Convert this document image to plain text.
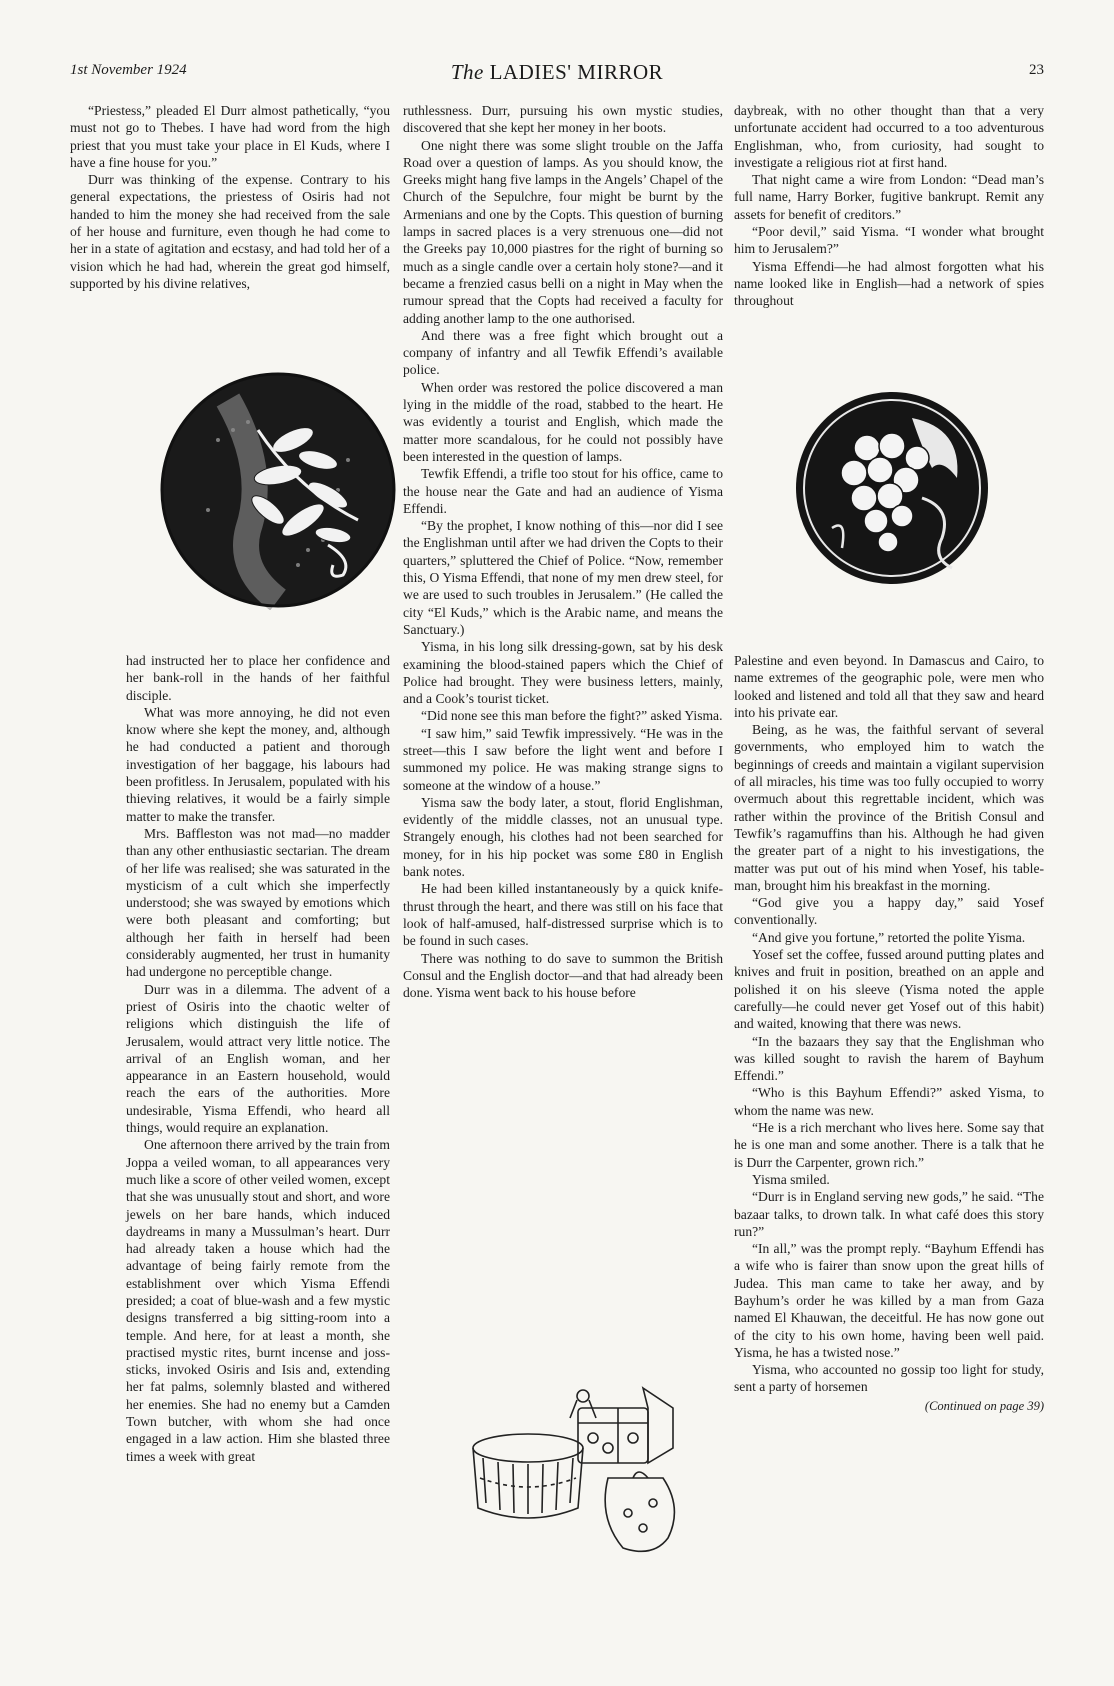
1st November 1924	The LADIES' MIRROR	23

“Priestess,” pleaded El Durr almost pathetically, “you must not go to Thebes. I have had word from the high priest that you must take your place in El Kuds, where I have a fine house for you.”

Durr was thinking of the expense. Contrary to his general expectations, the priestess of Osiris had not handed to him the money she had received from the sale of her house and furniture, even though he had come to her in a state of agitation and ecstasy, and had told her of a vision which he had had, wherein the great god himself, supported by his divine relatives,

had instructed her to place her confidence and her bank-roll in the hands of her faithful disciple.

What was more annoying, he did not even know where she kept the money, and, although he had conducted a patient and thorough investigation of her baggage, his labours had been profitless. In Jerusalem, populated with his thieving relatives, it would be a fairly simple matter to make the transfer.

Mrs. Baffleston was not mad—no madder than any other enthusiastic sectarian. The dream of her life was realised; she was saturated in the mysticism of a cult which she imperfectly understood; she was swayed by emotions which were both pleasant and comforting; but although her faith in herself had been considerably augmented, her trust in humanity had undergone no perceptible change.

Durr was in a dilemma. The advent of a priest of Osiris into the chaotic welter of religions which distinguish the life of Jerusalem, would attract very little notice. The arrival of an English woman, and her appearance in an Eastern household, would reach the ears of the authorities. More undesirable, Yisma Effendi, who heard all things, would require an explanation.

One afternoon there arrived by the train from Joppa a veiled woman, to all appearances very much like a score of other veiled women, except that she was unusually stout and short, and wore jewels on her bare hands, which induced daydreams in many a Mussulman’s heart. Durr had already taken a house which had the advantage of being fairly remote from the establishment over which Yisma Effendi presided; a coat of blue-wash and a few mystic designs transferred a big sitting-room into a temple. And here, for at least a month, she practised mystic rites, burnt incense and joss-sticks, invoked Osiris and Isis and, extending her fat palms, solemnly blasted and withered her enemies. She had no enemy but a Camden Town butcher, with whom she had once engaged in a law action. Him she blasted three times a week with great

ruthlessness. Durr, pursuing his own mystic studies, discovered that she kept her money in her boots.

One night there was some slight trouble on the Jaffa Road over a question of lamps. As you should know, the Greeks might hang five lamps in the Angels’ Chapel of the Church of the Sepulchre, four might be burnt by the Armenians and one by the Copts. This question of burning lamps in sacred places is a very strenuous one—did not the Greeks pay 10,000 piastres for the right of burning so much as a single candle over a certain holy stone?—and it became a frenzied casus belli on a night in May when the rumour spread that the Copts had received a faculty for adding another lamp to the one authorised.

And there was a free fight which brought out a company of infantry and all Tewfik Effendi’s available police.

When order was restored the police discovered a man lying in the middle of the road, stabbed to the heart. He was evidently a tourist and English, which made the matter more scandalous, for he could not possibly have been interested in the question of lamps.

Tewfik Effendi, a trifle too stout for his office, came to the house near the Gate and had an audience of Yisma Effendi.

“By the prophet, I know nothing of this—nor did I see the Englishman until after we had driven the Copts to their quarters,” spluttered the Chief of Police. “Now, remember this, O Yisma Effendi, that none of my men drew steel, for we are used to such troubles in Jerusalem.” (He called the city “El Kuds,” which is the Arabic name, and means the Sanctuary.)

Yisma, in his long silk dressing-gown, sat by his desk examining the blood-stained papers which the Chief of Police had brought. They were business letters, mainly, and a Cook’s tourist ticket.

“Did none see this man before the fight?” asked Yisma.

“I saw him,” said Tewfik impressively. “He was in the street—this I saw before the light went and before I summoned my police. He was making strange signs to someone at the window of a house.”

Yisma saw the body later, a stout, florid Englishman, evidently of the middle classes, not an unusual type. Strangely enough, his clothes had not been searched for money, for in his hip pocket was some £80 in English bank notes.

He had been killed instantaneously by a quick knife-thrust through the heart, and there was still on his face that look of half-amused, half-distressed surprise which is to be found in such cases.

There was nothing to do save to summon the British Consul and the English doctor—and that had already been done. Yisma went back to his house before

daybreak, with no other thought than that a very unfortunate accident had occurred to a too adventurous Englishman, who, from curiosity, had sought to investigate a religious riot at first hand.

That night came a wire from London: “Dead man’s full name, Harry Borker, fugitive bankrupt. Remit any assets for benefit of creditors.”

“Poor devil,” said Yisma. “I wonder what brought him to Jerusalem?”

Yisma Effendi—he had almost forgotten what his name looked like in English—had a network of spies throughout

Palestine and even beyond. In Damascus and Cairo, to name extremes of the geographic pole, were men who looked and listened and told all that they saw and heard into his private ear.

Being, as he was, the faithful servant of several governments, who employed him to watch the beginnings of creeds and maintain a vigilant supervision of all miracles, his time was too fully occupied to worry overmuch about this regrettable incident, which was rather within the province of the British Consul and Tewfik’s ragamuffins than his. Although he had given the greater part of a night to his investigations, the matter was put out of his mind when Yosef, his table-man, brought him his breakfast in the morning.

“God give you a happy day,” said Yosef conventionally.

“And give you fortune,” retorted the polite Yisma.

Yosef set the coffee, fussed around putting plates and knives and fruit in position, breathed on an apple and polished it on his sleeve (Yisma noted the apple carefully—he could never get Yosef out of this habit) and waited, knowing that there was news.

“In the bazaars they say that the Englishman who was killed sought to ravish the harem of Bayhum Effendi.”

“Who is this Bayhum Effendi?” asked Yisma, to whom the name was new.

“He is a rich merchant who lives here. Some say that he is one man and some another. There is a talk that he is Durr the Carpenter, grown rich.”

Yisma smiled.

“Durr is in England serving new gods,” he said. “The bazaar talks, to drown talk. In what café does this story run?”

“In all,” was the prompt reply. “Bayhum Effendi has a wife who is fairer than snow upon the great hills of Judea. This man came to take her away, and by Bayhum’s order he was killed by a man from Gaza named El Khauwan, the deceitful. He has now gone out of the city to his own home, having been well paid. Yisma, he has a twisted nose.”

Yisma, who accounted no gossip too light for study, sent a party of horsemen

(Continued on page 39)
